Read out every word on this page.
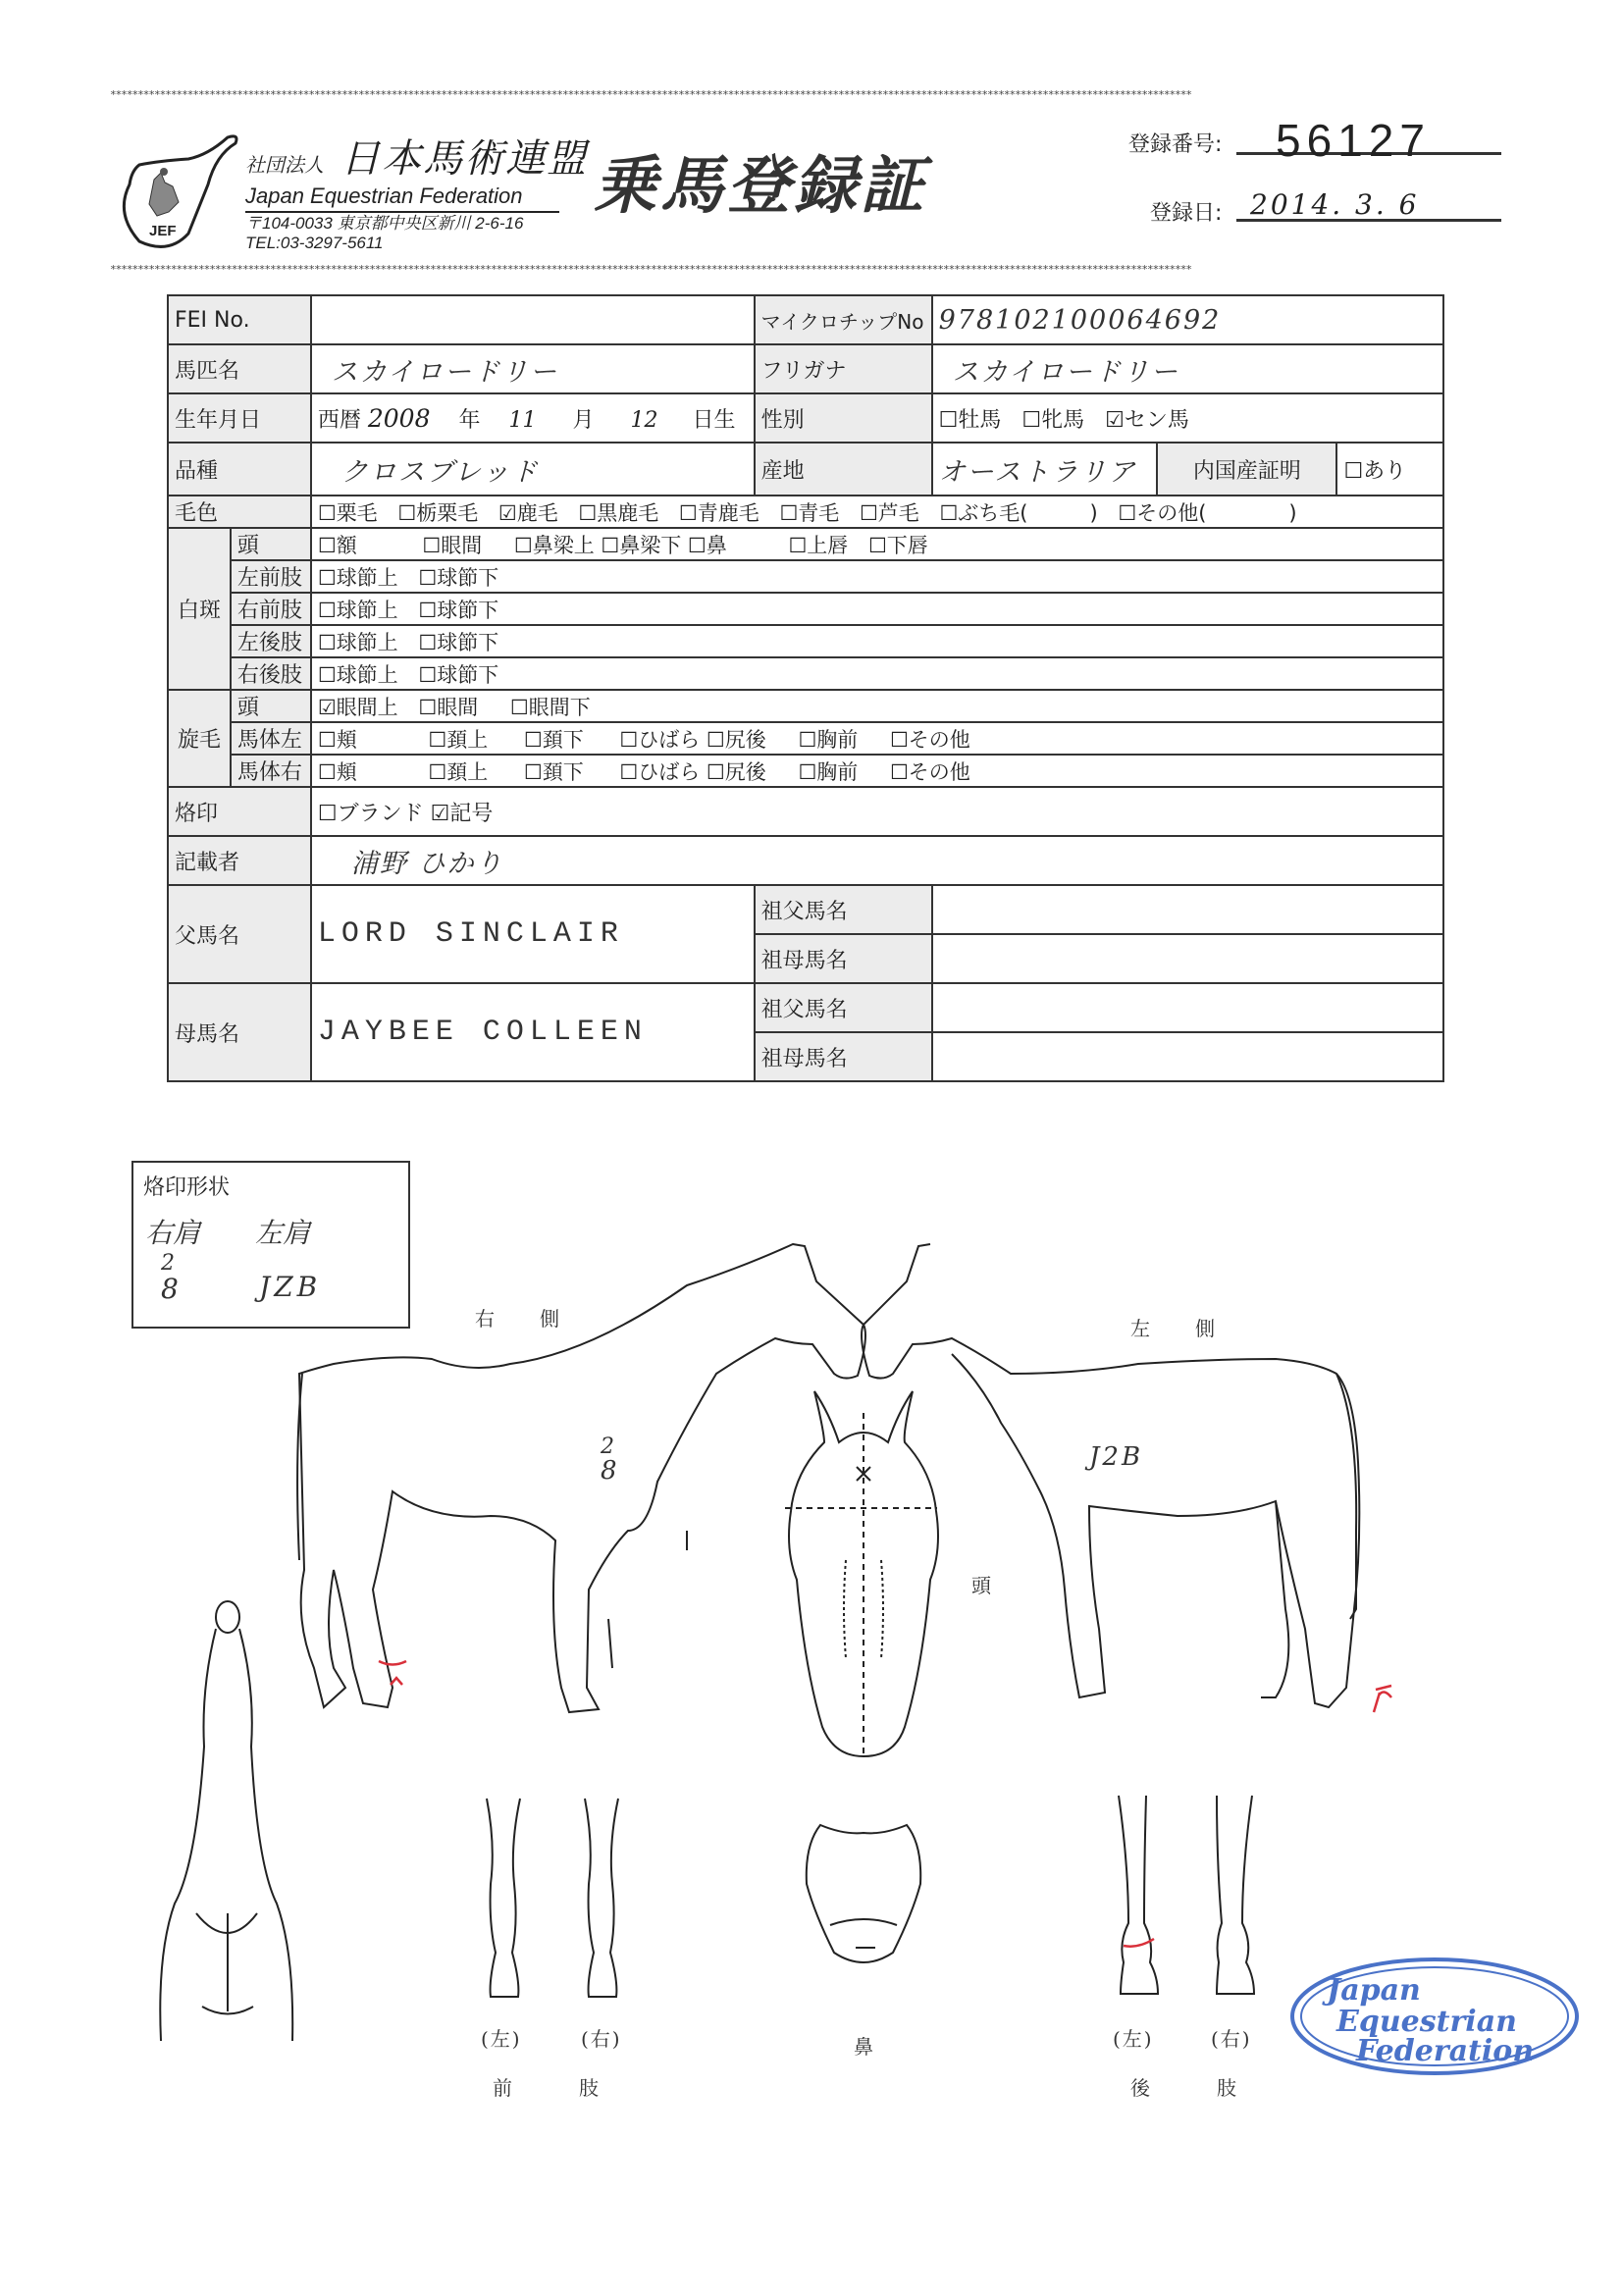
****************************************************************************************************************************************************************************************************
****************************************************************************************************************************************************************************************************
JEF
社団法人 日本馬術連盟
Japan Equestrian Federation
〒104-0033 東京都中央区新川 2-6-16
TEL:03-3297-5611
乗馬登録証
登録番号:	56127
登録日:	2014. 3. 6
FEI No.			マイクロチップNo	978102100064692		
馬匹名		スカイロードリー	フリガナ	スカイロードリー		
生年月日		西暦 2008 年 11 月 12 日生	性別	☐牡馬 ☐牝馬 ☑セン馬		
品種		クロスブレッド	産地	オーストラリア	内国産証明	☐あり
毛色		☐栗毛 ☐栃栗毛 ☑鹿毛 ☐黒鹿毛 ☐青鹿毛 ☐青毛 ☐芦毛 ☐ぶち毛(　　　) ☐その他(　　　　)				
白斑	頭	☐額 ☐眼間 ☐鼻梁上 ☐鼻梁下 ☐鼻 ☐上唇 ☐下唇				
	左前肢	☐球節上 ☐球節下				
	右前肢	☐球節上 ☐球節下				
	左後肢	☐球節上 ☐球節下				
	右後肢	☐球節上 ☐球節下				
旋毛	頭	☑眼間上 ☐眼間 ☐眼間下				
	馬体左	☐頬 ☐頚上 ☐頚下 ☐ひばら ☐尻後 ☐胸前 ☐その他				
	馬体右	☐頬 ☐頚上 ☐頚下 ☐ひばら ☐尻後 ☐胸前 ☐その他				
烙印		☐ブランド ☑記号				
記載者		浦野 ひかり				
父馬名		LORD SINCLAIR	祖父馬名			
			祖母馬名			
母馬名		JAYBEE COLLEEN	祖父馬名			
			祖母馬名			
烙印形状
右肩 左肩
2
8	JZB
右　　側	左　　側
頭
鼻
(左)	(右)
前　　　肢
(左)	(右)
後　　　肢
2
8	J2B
Japan
Equestrian
Federation
